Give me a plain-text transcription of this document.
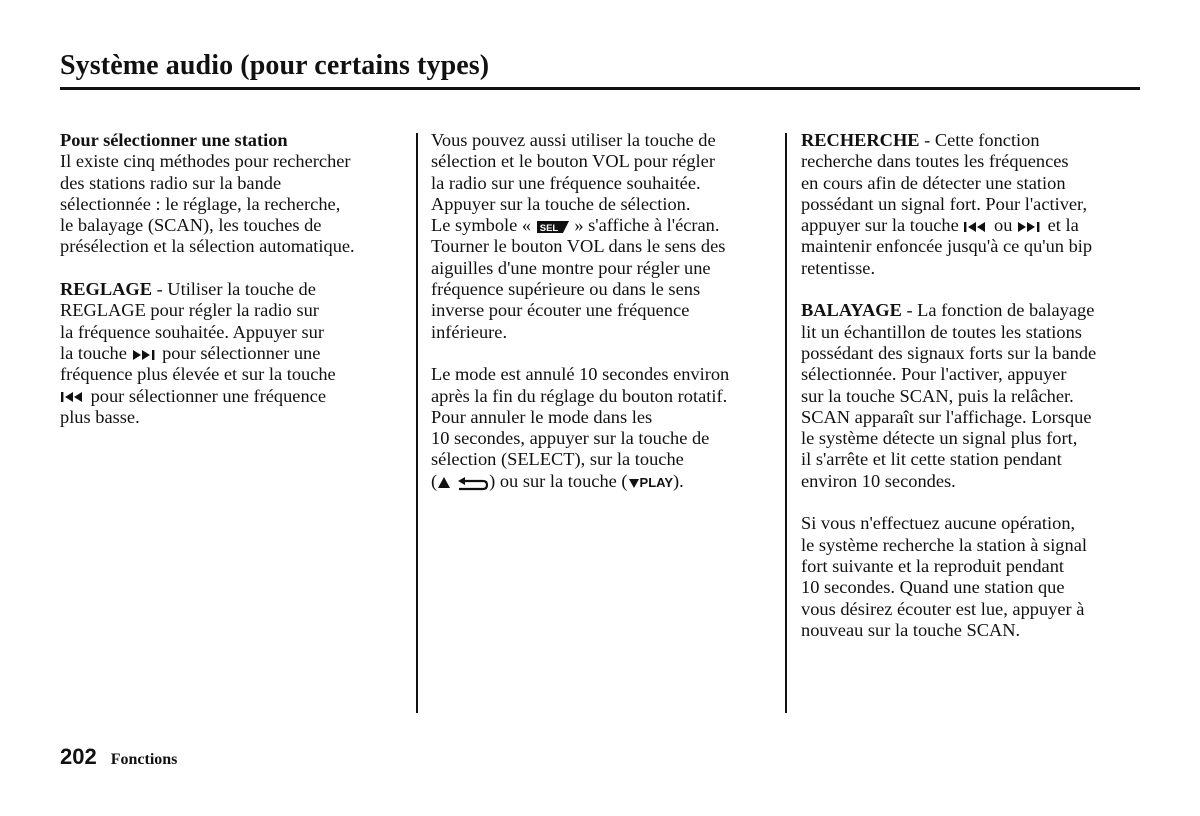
Système audio (pour certains types)
Pour sélectionner une station
Il existe cinq méthodes pour rechercher
des stations radio sur la bande
sélectionnée : le réglage, la recherche,
le balayage (SCAN), les touches de
présélection et la sélection automatique.
REGLAGE - Utiliser la touche de
REGLAGE pour régler la radio sur
la fréquence souhaitée. Appuyer sur
la touche  pour sélectionner une
fréquence plus élevée et sur la touche
pour sélectionner une fréquence
plus basse.
Vous pouvez aussi utiliser la touche de
sélection et le bouton VOL pour régler
la radio sur une fréquence souhaitée.
Appuyer sur la touche de sélection.
Le symbole « SEL » s'affiche à l'écran.
Tourner le bouton VOL dans le sens des
aiguilles d'une montre pour régler une
fréquence supérieure ou dans le sens
inverse pour écouter une fréquence
inférieure.
Le mode est annulé 10 secondes environ
après la fin du réglage du bouton rotatif.
Pour annuler le mode dans les
10 secondes, appuyer sur la touche de
sélection (SELECT), sur la touche
(	) ou sur la touche ( PLAY).
RECHERCHE - Cette fonction
recherche dans toutes les fréquences
en cours afin de détecter une station
possédant un signal fort. Pour l'activer,
appuyer sur la touche  ou  et la
maintenir enfoncée jusqu'à ce qu'un bip
retentisse.
BALAYAGE - La fonction de balayage
lit un échantillon de toutes les stations
possédant des signaux forts sur la bande
sélectionnée. Pour l'activer, appuyer
sur la touche SCAN, puis la relâcher.
SCAN apparaît sur l'affichage. Lorsque
le système détecte un signal plus fort,
il s'arrête et lit cette station pendant
environ 10 secondes.
Si vous n'effectuez aucune opération,
le système recherche la station à signal
fort suivante et la reproduit pendant
10 secondes. Quand une station que
vous désirez écouter est lue, appuyer à
nouveau sur la touche SCAN.
202 Fonctions
